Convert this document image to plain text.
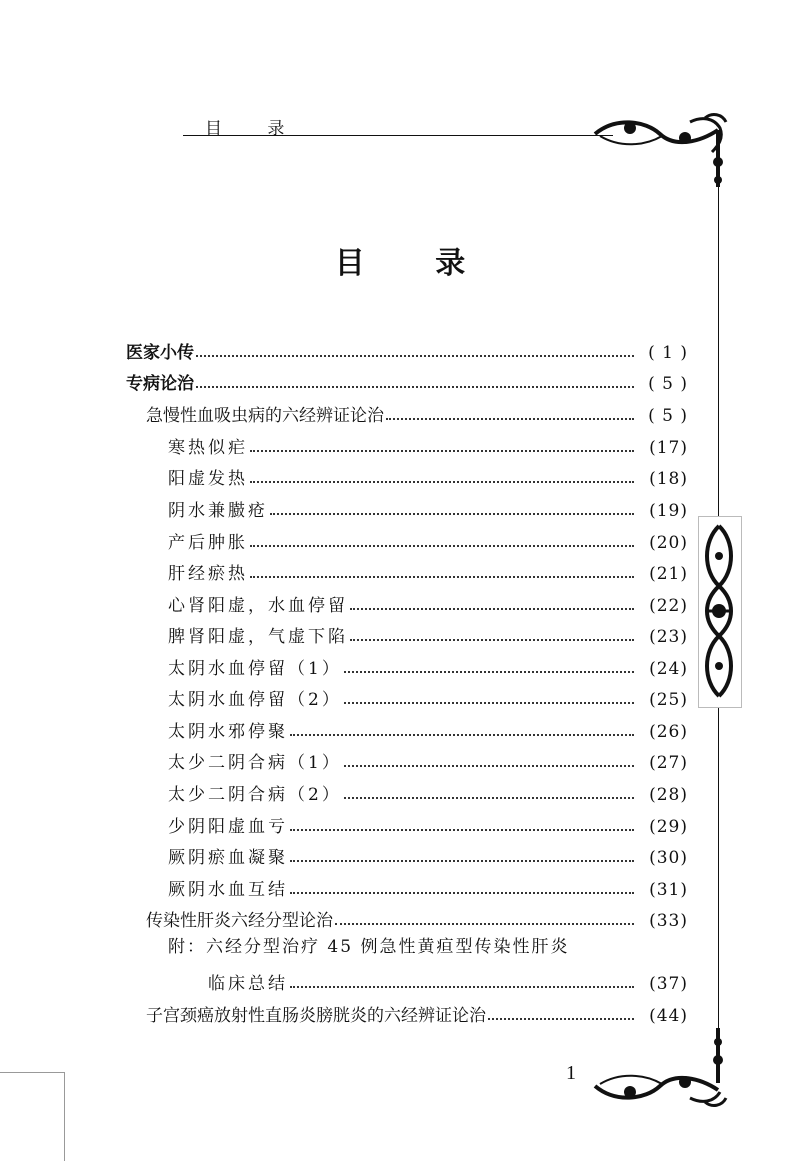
目 录
目 录
医家小传	( 1 )
专病论治	( 5 )
急慢性血吸虫病的六经辨证论治	( 5 )
寒热似疟	(17)
阳虚发热	(18)
阴水兼臌疮	(19)
产后肿胀	(20)
肝经瘀热	(21)
心肾阳虚，水血停留	(22)
脾肾阳虚，气虚下陷	(23)
太阴水血停留（1）	(24)
太阴水血停留（2）	(25)
太阴水邪停聚	(26)
太少二阴合病（1）	(27)
太少二阴合病（2）	(28)
少阴阳虚血亏	(29)
厥阴瘀血凝聚	(30)
厥阴水血互结	(31)
传染性肝炎六经分型论治	(33)
附：六经分型治疗 45 例急性黄疸型传染性肝炎
临床总结	(37)
子宫颈癌放射性直肠炎膀胱炎的六经辨证论治	(44)
1
